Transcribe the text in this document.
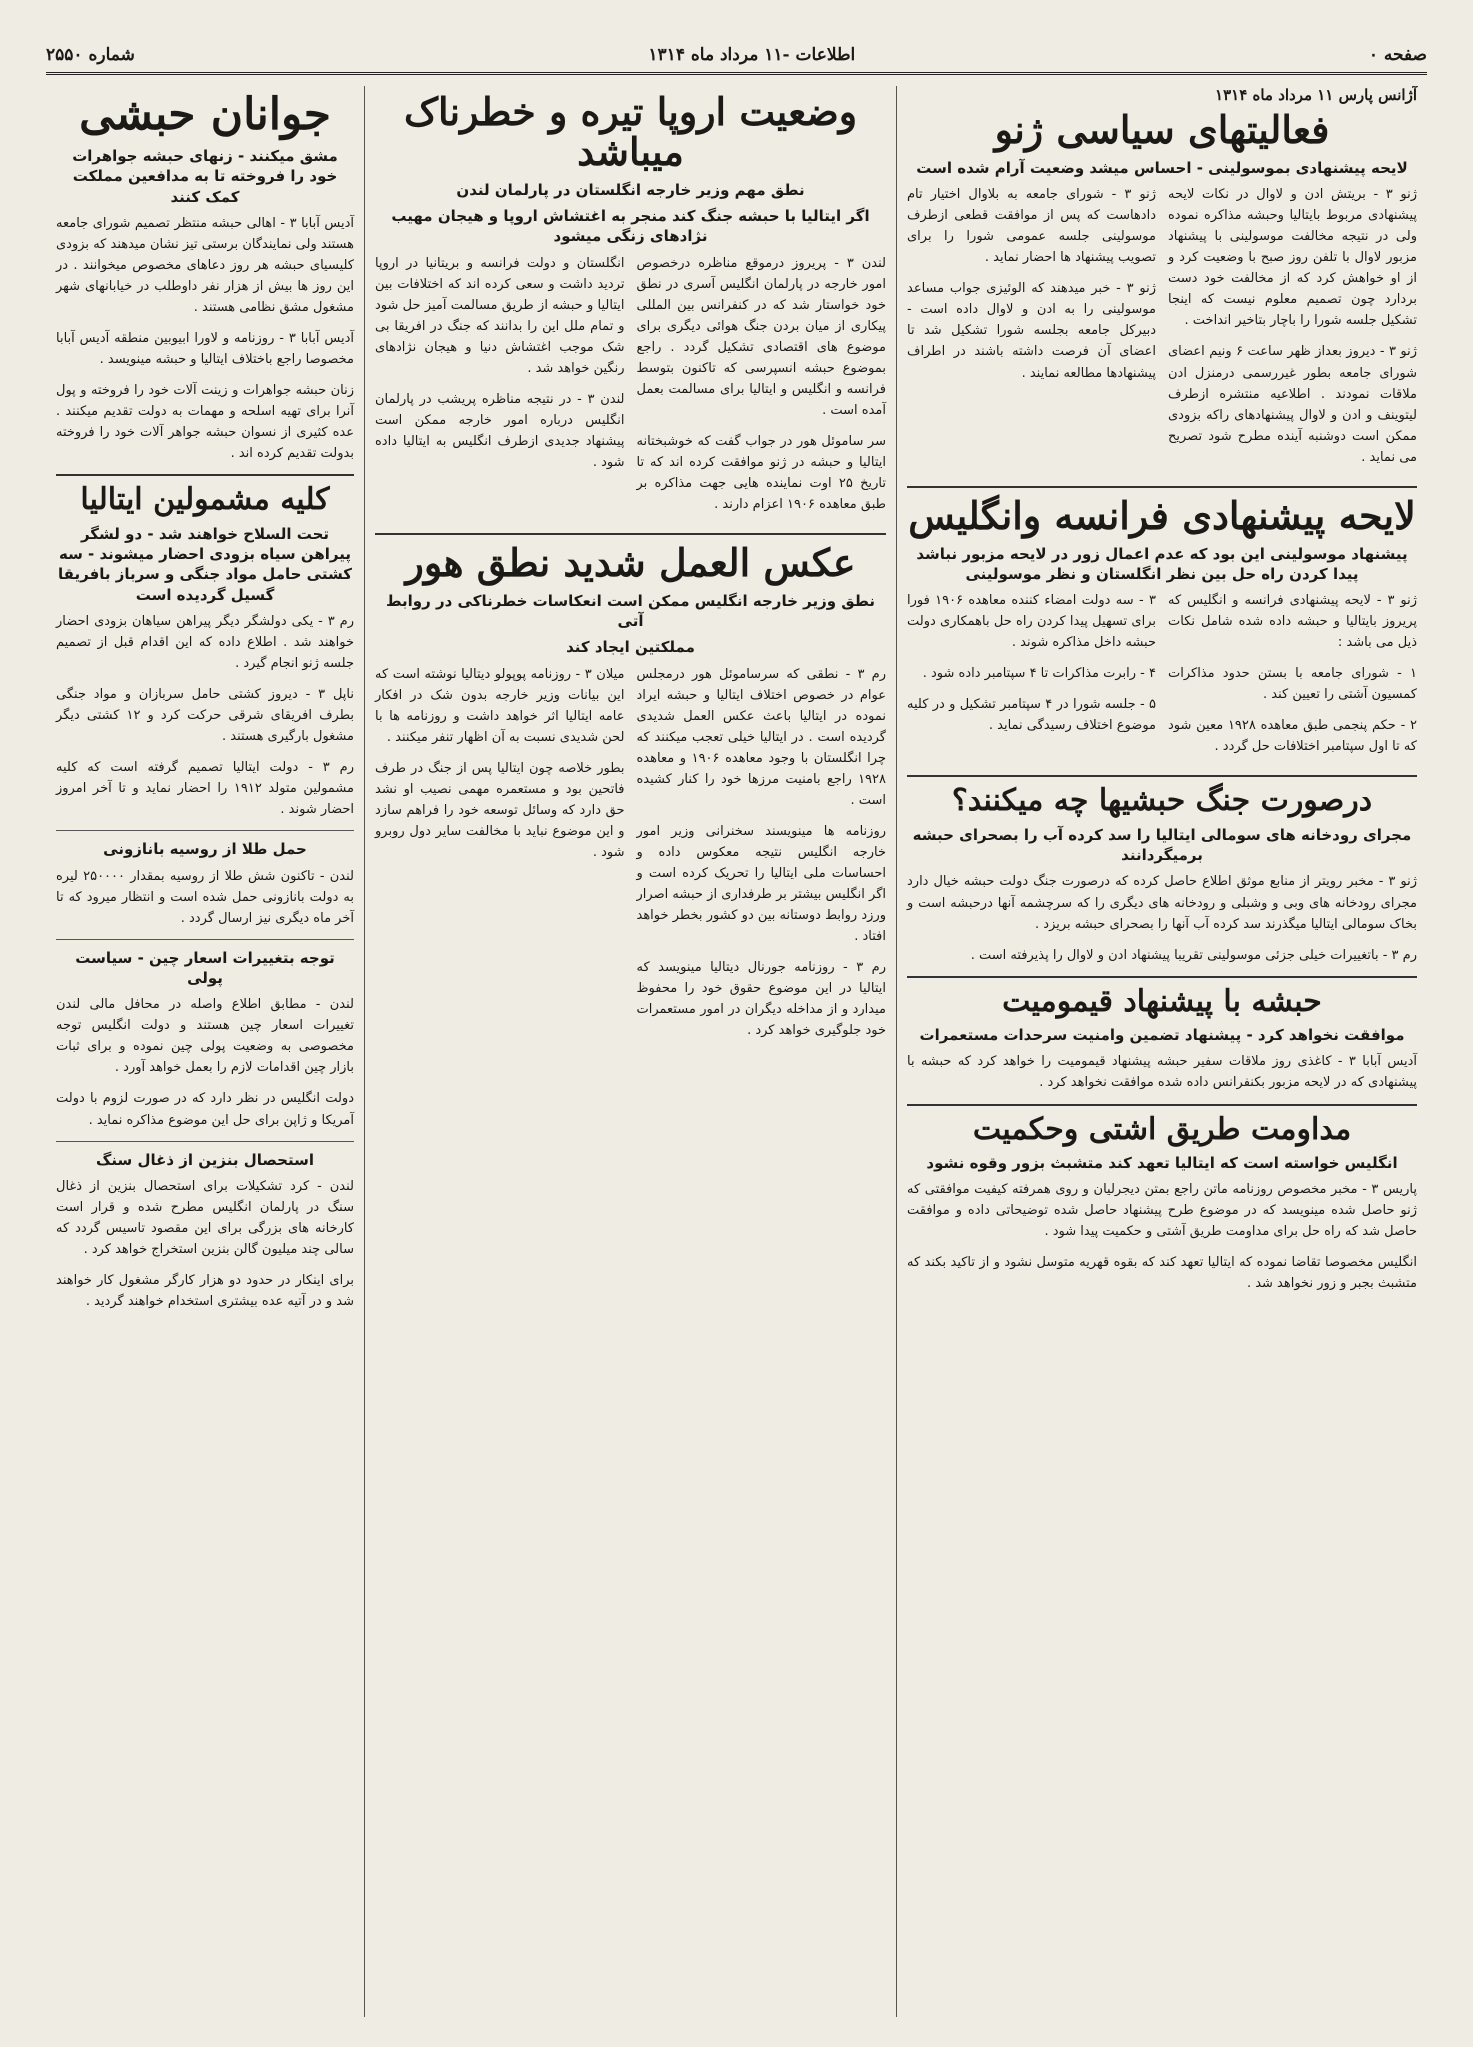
صفحه ۰
اطلاعات -۱۱ مرداد ماه ۱۳۱۴
شماره ۲۵۵۰
آژانس پارس ۱۱ مرداد ماه ۱۳۱۴
فعالیتهای سیاسی ژنو
لایحه پیشنهادی بموسولینی - احساس میشد وضعیت آرام شده است

ژنو ۳ - بریتش ادن و لاوال در نکات لایحه پیشنهادی مربوط بایتالیا وحبشه مذاکره نموده ولی در نتیجه مخالفت موسولینی با پیشنهاد مزبور لاوال با تلفن روز صبح با وضعیت کرد و از او خواهش کرد که از مخالفت خود دست بردارد چون تصمیم معلوم نیست که اینجا تشکیل جلسه شورا را باچار بتاخیر انداخت .

ژنو ۳ - دیروز بعداز ظهر ساعت ۶ ونیم اعضای شورای جامعه بطور غیررسمی درمنزل ادن ملاقات نمودند . اطلاعیه منتشره ازطرف لیتوینف و ادن و لاوال پیشنهادهای راکه بزودی ممکن است دوشنبه آینده مطرح شود تصریح می نماید .

ژنو ۳ - شورای جامعه به بلاوال اختیار تام دادهاست که پس از موافقت قطعی ازطرف موسولینی جلسه عمومی شورا را برای تصویب پیشنهاد ها احضار نماید .

ژنو ۳ - خبر میدهند که الوئیزی جواب مساعد موسولینی را به ادن و لاوال داده است - دبیرکل جامعه بجلسه شورا تشکیل شد تا اعضای آن فرصت داشته باشند در اطراف پیشنهادها مطالعه نمایند .

لایحه پیشنهادی فرانسه وانگلیس
پیشنهاد موسولینی این بود که عدم اعمال زور در لایحه مزبور نباشد پیدا کردن راه حل بین نظر انگلستان و نظر موسولینی

ژنو ۳ - لایحه پیشنهادی فرانسه و انگلیس که پریروز بایتالیا و حبشه داده شده شامل نکات ذیل می باشد :

۱ - شورای جامعه با بستن حدود مذاکرات کمسیون آشتی را تعیین کند .

۲ - حکم پنجمی طبق معاهده ۱۹۲۸ معین شود که تا اول سپتامبر اختلافات حل گردد .

۳ - سه دولت امضاء کننده معاهده ۱۹۰۶ فورا برای تسهیل پیدا کردن راه حل باهمکاری دولت حبشه داخل مذاکره شوند .

۴ - رابرت مذاکرات تا ۴ سپتامبر داده شود .

۵ - جلسه شورا در ۴ سپتامبر تشکیل و در کلیه موضوع اختلاف رسیدگی نماید .

درصورت جنگ حبشیها چه میکنند؟
مجرای رودخانه های سومالی ایتالیا را سد کرده آب را بصحرای حبشه برمیگردانند

ژنو ۳ - مخبر رویتر از منابع موثق اطلاع حاصل کرده که درصورت جنگ دولت حبشه خیال دارد مجرای رودخانه های وبی و وشبلی و رودخانه های دیگری را که سرچشمه آنها درحبشه است و بخاک سومالی ایتالیا میگذرند سد کرده آب آنها را بصحرای حبشه بریزد .

رم ۳ - باتغییرات خیلی جزئی موسولینی تقریبا پیشنهاد ادن و لاوال را پذیرفته است .

حبشه با پیشنهاد قیمومیت
موافقت نخواهد کرد - پیشنهاد تضمین وامنیت سرحدات مستعمرات

آدیس آبابا ۳ - کاغذی روز ملاقات سفیر حبشه پیشنهاد قیمومیت را خواهد کرد که حبشه با پیشنهادی که در لایحه مزبور بکنفرانس داده شده موافقت نخواهد کرد .

مداومت طریق اشتی وحکمیت
انگلیس خواسته است که ایتالیا تعهد کند متشبث بزور وقوه نشود

پاریس ۳ - مخبر مخصوص روزنامه ماتن راجع بمتن دیجرلیان و روی همرفته کیفیت موافقتی که ژنو حاصل شده مینویسد که در موضوع طرح پیشنهاد حاصل شده توضیحاتی داده و موافقت حاصل شد که راه حل برای مداومت طریق آشتی و حکمیت پیدا شود .

انگلیس مخصوصا تقاضا نموده که ایتالیا تعهد کند که بقوه قهریه متوسل نشود و از تاکید بکند که متشبث بجبر و زور نخواهد شد .

وضعیت اروپا تیره و خطرناک میباشد
نطق مهم وزیر خارجه انگلستان در پارلمان لندن
اگر ایتالیا با حبشه جنگ کند منجر به اغتشاش اروپا و هیجان مهیب نژادهای زنگی میشود

لندن ۳ - پریروز درموقع مناظره درخصوص امور خارجه در پارلمان انگلیس آسری در نطق خود خواستار شد که در کنفرانس بین المللی پیکاری از میان بردن جنگ هوائی دیگری برای موضوع های اقتصادی تشکیل گردد . راجع بموضوع حبشه انسپرسی که تاکنون بتوسط فرانسه و انگلیس و ایتالیا برای مسالمت بعمل آمده است .

سر ساموئل هور در جواب گفت که خوشبختانه ایتالیا و حبشه در ژنو موافقت کرده اند که تا تاریخ ۲۵ اوت نماینده هایی جهت مذاکره بر طبق معاهده ۱۹۰۶ اعزام دارند .

انگلستان و دولت فرانسه و بریتانیا در اروپا تردید داشت و سعی کرده اند که اختلافات بین ایتالیا و حبشه از طریق مسالمت آمیز حل شود و تمام ملل این را بدانند که جنگ در افریقا بی شک موجب اغتشاش دنیا و هیجان نژادهای رنگین خواهد شد .

لندن ۳ - در نتیجه مناظره پریشب در پارلمان انگلیس درباره امور خارجه ممکن است پیشنهاد جدیدی ازطرف انگلیس به ایتالیا داده شود .

عکس العمل شدید نطق هور
نطق وزیر خارجه انگلیس ممکن است انعکاسات خطرناکی در روابط آتی
مملکتین ایجاد کند

رم ۳ - نطقی که سرساموئل هور درمجلس عوام در خصوص اختلاف ایتالیا و حبشه ایراد نموده در ایتالیا باعث عکس العمل شدیدی گردیده است . در ایتالیا خیلی تعجب میکنند که چرا انگلستان با وجود معاهده ۱۹۰۶ و معاهده ۱۹۲۸ راجع بامنیت مرزها خود را کنار کشیده است .

روزنامه ها مینویسند سخنرانی وزیر امور خارجه انگلیس نتیجه معکوس داده و احساسات ملی ایتالیا را تحریک کرده است و اگر انگلیس بیشتر بر طرفداری از حبشه اصرار ورزد روابط دوستانه بین دو کشور بخطر خواهد افتاد .

رم ۳ - روزنامه جورنال دیتالیا مینویسد که ایتالیا در این موضوع حقوق خود را محفوظ میدارد و از مداخله دیگران در امور مستعمرات خود جلوگیری خواهد کرد .

میلان ۳ - روزنامه پوپولو دیتالیا نوشته است که این بیانات وزیر خارجه بدون شک در افکار عامه ایتالیا اثر خواهد داشت و روزنامه ها با لحن شدیدی نسبت به آن اظهار تنفر میکنند .

بطور خلاصه چون ایتالیا پس از جنگ در طرف فاتحین بود و مستعمره مهمی نصیب او نشد حق دارد که وسائل توسعه خود را فراهم سازد و این موضوع نباید با مخالفت سایر دول روبرو شود .

جوانان حبشی
مشق میکنند - زنهای حبشه جواهرات خود را فروخته تا به مدافعین مملکت کمک کنند

آدیس آبابا ۳ - اهالی حبشه منتظر تصمیم شورای جامعه هستند ولی نمایندگان برستی تیز نشان میدهند که بزودی کلیسیای حبشه هر روز دعاهای مخصوص میخوانند . در این روز ها بیش از هزار نفر داوطلب در خیابانهای شهر مشغول مشق نظامی هستند .

آدیس آبابا ۳ - روزنامه و لاورا ابیوبین منطقه آدیس آبابا مخصوصا راجع باختلاف ایتالیا و حبشه مینویسد .

زنان حبشه جواهرات و زینت آلات خود را فروخته و پول آنرا برای تهیه اسلحه و مهمات به دولت تقدیم میکنند . عده کثیری از نسوان حبشه جواهر آلات خود را فروخته بدولت تقدیم کرده اند .

کلیه مشمولین ایتالیا
تحت السلاح خواهند شد - دو لشگر پیراهن سیاه بزودی احضار میشوند - سه کشتی حامل مواد جنگی و سرباز بافریقا گسیل گردیده است

رم ۳ - یکی دولشگر دیگر پیراهن سیاهان بزودی احضار خواهند شد . اطلاع داده که این اقدام قبل از تصمیم جلسه ژنو انجام گیرد .

ناپل ۳ - دیروز کشتی حامل سربازان و مواد جنگی بطرف افریقای شرقی حرکت کرد و ۱۲ کشتی دیگر مشغول بارگیری هستند .

رم ۳ - دولت ایتالیا تصمیم گرفته است که کلیه مشمولین متولد ۱۹۱۲ را احضار نماید و تا آخر امروز احضار شوند .

حمل طلا از روسیه بانازونی

لندن - تاکنون شش طلا از روسیه بمقدار ۲۵۰۰۰۰ لیره به دولت بانازونی حمل شده است و انتظار میرود که تا آخر ماه دیگری نیز ارسال گردد .

توجه بتغییرات اسعار چین - سیاست پولی

لندن - مطابق اطلاع واصله در محافل مالی لندن تغییرات اسعار چین هستند و دولت انگلیس توجه مخصوصی به وضعیت پولی چین نموده و برای ثبات بازار چین اقدامات لازم را بعمل خواهد آورد .

دولت انگلیس در نظر دارد که در صورت لزوم با دولت آمریکا و ژاپن برای حل این موضوع مذاکره نماید .

استحصال بنزین از ذغال سنگ

لندن - کرد تشکیلات برای استحصال بنزین از ذغال سنگ در پارلمان انگلیس مطرح شده و قرار است کارخانه های بزرگی برای این مقصود تاسیس گردد که سالی چند میلیون گالن بنزین استخراج خواهد کرد .

برای اینکار در حدود دو هزار کارگر مشغول کار خواهند شد و در آتیه عده بیشتری استخدام خواهند گردید .
